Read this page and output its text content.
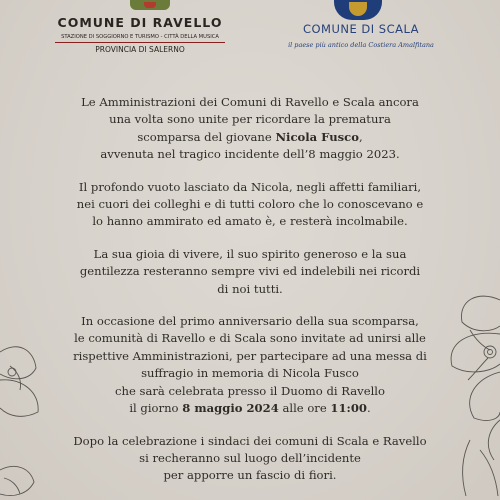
COMUNE DI RAVELLO
STAZIONE DI SOGGIORNO E TURISMO - CITTÀ DELLA MUSICA
PROVINCIA DI SALERNO
COMUNE DI SCALA
il paese più antico della Costiera Amalfitana

Le Amministrazioni dei Comuni di Ravello e Scala ancora
una volta sono unite per ricordare la prematura
scomparsa del giovane Nicola Fusco,
avvenuta nel tragico incidente dell’8 maggio 2023.

Il profondo vuoto lasciato da Nicola, negli affetti familiari,
nei cuori dei colleghi e di tutti coloro che lo conoscevano e
lo hanno ammirato ed amato è, e resterà incolmabile.

La sua gioia di vivere, il suo spirito generoso e la sua
gentilezza resteranno sempre vivi ed indelebili nei ricordi
di noi tutti.

In occasione del primo anniversario della sua scomparsa,
le comunità di Ravello e di Scala sono invitate ad unirsi alle
rispettive Amministrazioni, per partecipare ad una messa di
suffragio in memoria di Nicola Fusco
che sarà celebrata presso il Duomo di Ravello
il giorno 8 maggio 2024 alle ore 11:00.

Dopo la celebrazione i sindaci dei comuni di Scala e Ravello
si recheranno sul luogo dell’incidente
per apporre un fascio di fiori.
